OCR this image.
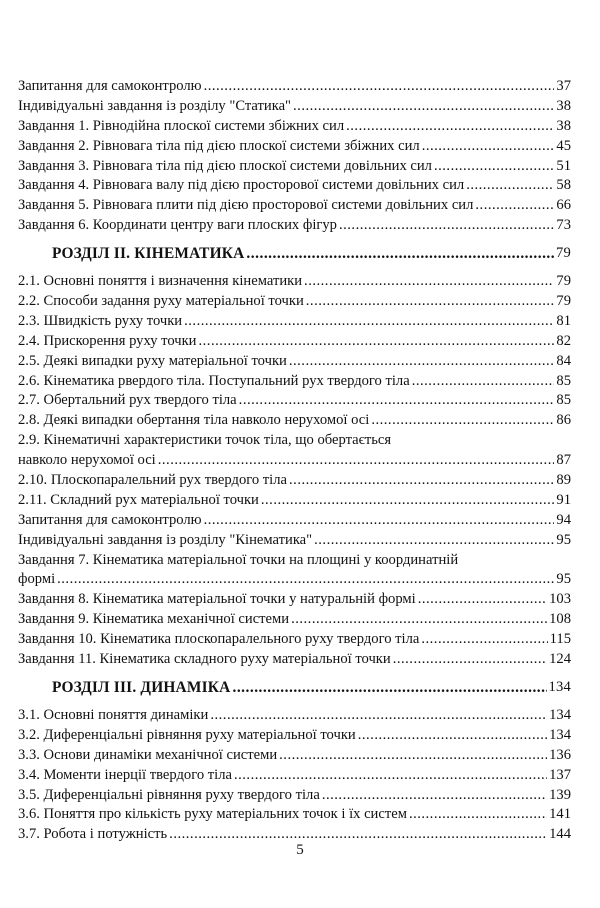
Запитання для самоконтролю .....	37
Індивідуальні завдання із розділу "Статика" .....	38
Завдання 1. Рівнодійна плоскої системи збіжних сил .....	38
Завдання 2. Рівновага тіла під дією плоскої системи збіжних сил .....	45
Завдання 3. Рівновага тіла під дією плоскої системи довільних сил .....	51
Завдання 4. Рівновага валу під дією просторової системи довільних сил .....	58
Завдання 5. Рівновага плити під дією просторової системи довільних сил .....	66
Завдання 6. Координати центру ваги плоских фігур .....	73
РОЗДІЛ ІІ. КІНЕМАТИКА .....	79
2.1. Основні поняття і визначення кінематики .....	79
2.2. Способи задання руху матеріальної точки .....	79
2.3. Швидкість руху точки .....	81
2.4. Прискорення руху точки .....	82
2.5. Деякі випадки руху матеріальної точки .....	84
2.6. Кінематика рвердого тіла. Поступальний рух твердого тіла .....	85
2.7. Обертальний рух твердого тіла .....	85
2.8. Деякі випадки обертання тіла навколо нерухомої осі .....	86
2.9. Кінематичні характеристики точок тіла, що обертається
навколо нерухомої осі .....	87
2.10. Плоскопаралельний рух твердого тіла .....	89
2.11. Складний рух матеріальної точки .....	91
Запитання для самоконтролю .....	94
Індивідуальні завдання із розділу "Кінематика" .....	95
Завдання 7. Кінематика матеріальної точки на площині у координатній
формі .....	95
Завдання 8. Кінематика матеріальної точки у натуральній формі .....	103
Завдання 9. Кінематика механічної системи .....	108
Завдання 10. Кінематика плоскопаралельного руху твердого тіла .....	115
Завдання 11. Кінематика складного руху матеріальної точки .....	124
РОЗДІЛ ІІІ. ДИНАМІКА .....	134
3.1. Основні поняття динаміки .....	134
3.2. Диференціальні рівняння руху матеріальної точки .....	134
3.3. Основи динаміки механічної системи .....	136
3.4. Моменти інерції твердого тіла .....	137
3.5. Диференціальні рівняння руху твердого тіла .....	139
3.6. Поняття про кількість руху матеріальних точок і їх систем .....	141
3.7. Робота і потужність .....	144
5
